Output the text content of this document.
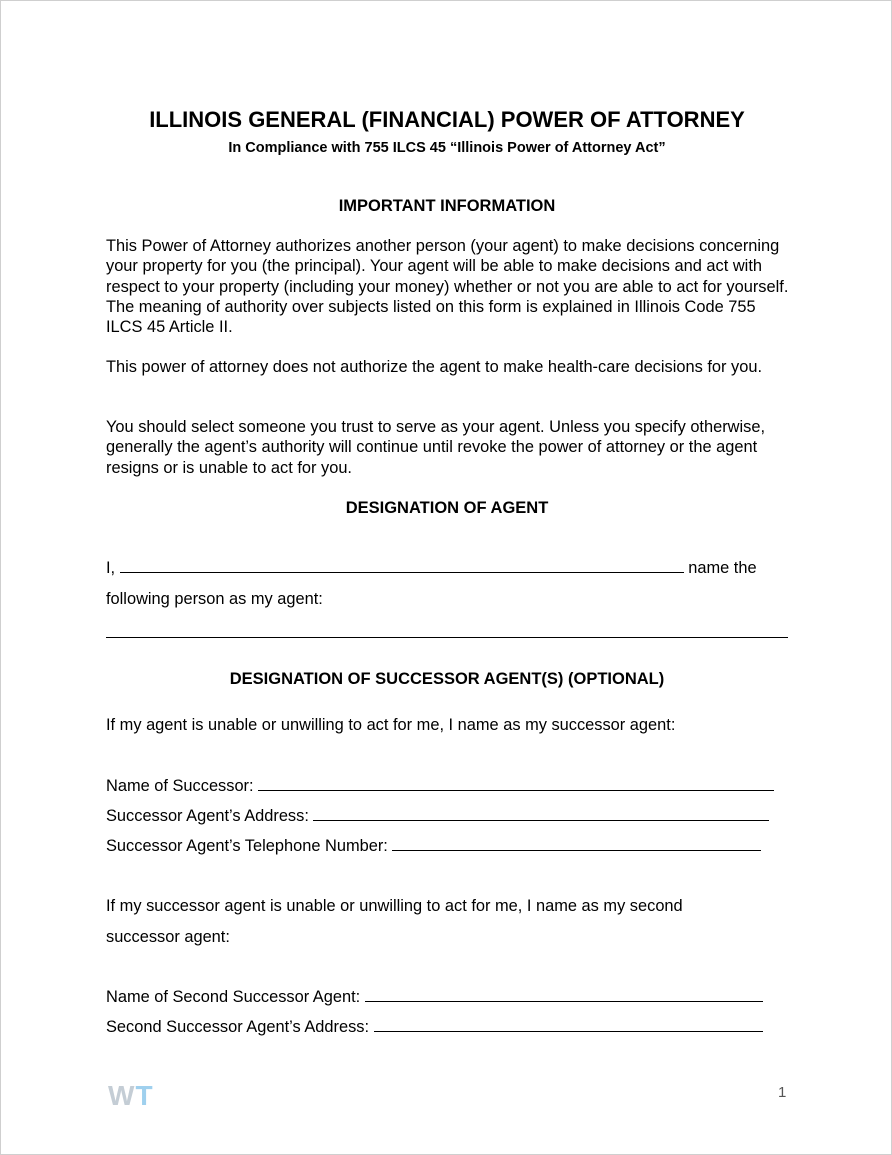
ILLINOIS GENERAL (FINANCIAL) POWER OF ATTORNEY
In Compliance with 755 ILCS 45 “Illinois Power of Attorney Act”
IMPORTANT INFORMATION

This Power of Attorney authorizes another person (your agent) to make decisions concerning your property for you (the principal). Your agent will be able to make decisions and act with respect to your property (including your money) whether or not you are able to act for yourself. The meaning of authority over subjects listed on this form is explained in Illinois Code 755 ILCS 45 Article II.

This power of attorney does not authorize the agent to make health-care decisions for you.

You should select someone you trust to serve as your agent. Unless you specify otherwise, generally the agent’s authority will continue until revoke the power of attorney or the agent resigns or is unable to act for you.

DESIGNATION OF AGENT
I,	name the
following person as my agent:
DESIGNATION OF SUCCESSOR AGENT(S) (OPTIONAL)
If my agent is unable or unwilling to act for me, I name as my successor agent:
Name of Successor:
Successor Agent’s Address:
Successor Agent’s Telephone Number:
If my successor agent is unable or unwilling to act for me, I name as my second
successor agent:
Name of Second Successor Agent:
Second Successor Agent’s Address:
WT	1
